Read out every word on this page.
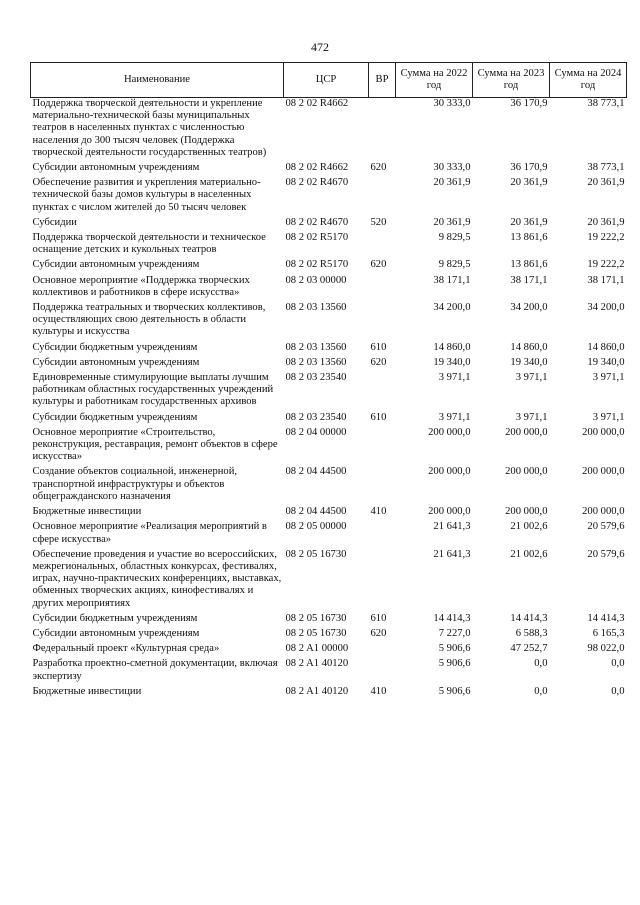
472
Наименование	ЦСР	ВР	Сумма на 2022 год	Сумма на 2023 год	Сумма на 2024 год
Поддержка творческой деятельности и укрепление материально-технической базы муниципальных театров в населенных пунктах с численностью населения до 300 тысяч человек (Поддержка творческой деятельности государственных театров)	08 2 02 R4662		30 333,0	36 170,9	38 773,1
Субсидии автономным учреждениям	08 2 02 R4662	620	30 333,0	36 170,9	38 773,1
Обеспечение развития и укрепления материально-технической базы домов культуры в населенных пунктах с числом жителей до 50 тысяч человек	08 2 02 R4670		20 361,9	20 361,9	20 361,9
Субсидии	08 2 02 R4670	520	20 361,9	20 361,9	20 361,9
Поддержка творческой деятельности и техническое оснащение детских и кукольных театров	08 2 02 R5170		9 829,5	13 861,6	19 222,2
Субсидии автономным учреждениям	08 2 02 R5170	620	9 829,5	13 861,6	19 222,2
Основное мероприятие «Поддержка творческих коллективов и работников в сфере искусства»	08 2 03 00000		38 171,1	38 171,1	38 171,1
Поддержка театральных и творческих коллективов, осуществляющих свою деятельность в области культуры и искусства	08 2 03 13560		34 200,0	34 200,0	34 200,0
Субсидии бюджетным учреждениям	08 2 03 13560	610	14 860,0	14 860,0	14 860,0
Субсидии автономным учреждениям	08 2 03 13560	620	19 340,0	19 340,0	19 340,0
Единовременные стимулирующие выплаты лучшим работникам областных государственных учреждений культуры и работникам государственных архивов	08 2 03 23540		3 971,1	3 971,1	3 971,1
Субсидии бюджетным учреждениям	08 2 03 23540	610	3 971,1	3 971,1	3 971,1
Основное мероприятие «Строительство, реконструкция, реставрация, ремонт объектов в сфере искусства»	08 2 04 00000		200 000,0	200 000,0	200 000,0
Создание объектов социальной, инженерной, транспортной инфраструктуры и объектов общегражданского назначения	08 2 04 44500		200 000,0	200 000,0	200 000,0
Бюджетные инвестиции	08 2 04 44500	410	200 000,0	200 000,0	200 000,0
Основное мероприятие «Реализация мероприятий в сфере искусства»	08 2 05 00000		21 641,3	21 002,6	20 579,6
Обеспечение проведения и участие во всероссийских, межрегиональных, областных конкурсах, фестивалях, играх, научно-практических конференциях, выставках, обменных творческих акциях, кинофестивалях и других мероприятиях	08 2 05 16730		21 641,3	21 002,6	20 579,6
Субсидии бюджетным учреждениям	08 2 05 16730	610	14 414,3	14 414,3	14 414,3
Субсидии автономным учреждениям	08 2 05 16730	620	7 227,0	6 588,3	6 165,3
Федеральный проект «Культурная среда»	08 2 A1 00000		5 906,6	47 252,7	98 022,0
Разработка проектно-сметной документации, включая экспертизу	08 2 A1 40120		5 906,6	0,0	0,0
Бюджетные инвестиции	08 2 A1 40120	410	5 906,6	0,0	0,0
